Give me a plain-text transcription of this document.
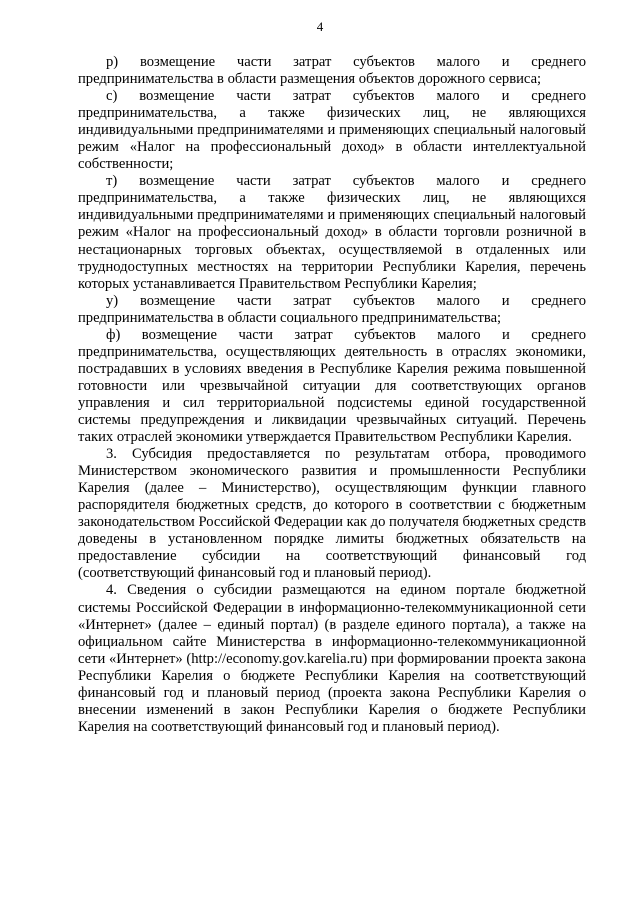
4

р) возмещение части затрат субъектов малого и среднего предпринимательства в области размещения объектов дорожного сервиса;

с) возмещение части затрат субъектов малого и среднего предпринимательства, а также физических лиц, не являющихся индивидуальными предпринимателями и применяющих специальный налоговый режим «Налог на профессиональный доход» в области интеллектуальной собственности;

т) возмещение части затрат субъектов малого и среднего предпринимательства, а также физических лиц, не являющихся индивидуальными предпринимателями и применяющих специальный налоговый режим «Налог на профессиональный доход» в области торговли розничной в нестационарных торговых объектах, осуществляемой в отдаленных или труднодоступных местностях на территории Республики Карелия, перечень которых устанавливается Правительством Республики Карелия;

у) возмещение части затрат субъектов малого и среднего предпринимательства в области социального предпринимательства;

ф) возмещение части затрат субъектов малого и среднего предпринимательства, осуществляющих деятельность в отраслях экономики, пострадавших в условиях введения в Республике Карелия режима повышенной готовности или чрезвычайной ситуации для соответствующих органов управления и сил территориальной подсистемы единой государственной системы предупреждения и ликвидации чрезвычайных ситуаций. Перечень таких отраслей экономики утверждается Правительством Республики Карелия.

3. Субсидия предоставляется по результатам отбора, проводимого Министерством экономического развития и промышленности Республики Карелия (далее – Министерство), осуществляющим функции главного распорядителя бюджетных средств, до которого в соответствии с бюджетным законодательством Российской Федерации как до получателя бюджетных средств доведены в установленном порядке лимиты бюджетных обязательств на предоставление субсидии на соответствующий финансовый год (соответствующий финансовый год и плановый период).

4. Сведения о субсидии размещаются на едином портале бюджетной системы Российской Федерации в информационно-телекоммуникационной сети «Интернет» (далее – единый портал) (в разделе единого портала), а также на официальном сайте Министерства в информационно-телекоммуникационной сети «Интернет» (http://economy.gov.karelia.ru) при формировании проекта закона Республики Карелия о бюджете Республики Карелия на соответствующий финансовый год и плановый период (проекта закона Республики Карелия о внесении изменений в закон Республики Карелия о бюджете Республики Карелия на соответствующий финансовый год и плановый период).
